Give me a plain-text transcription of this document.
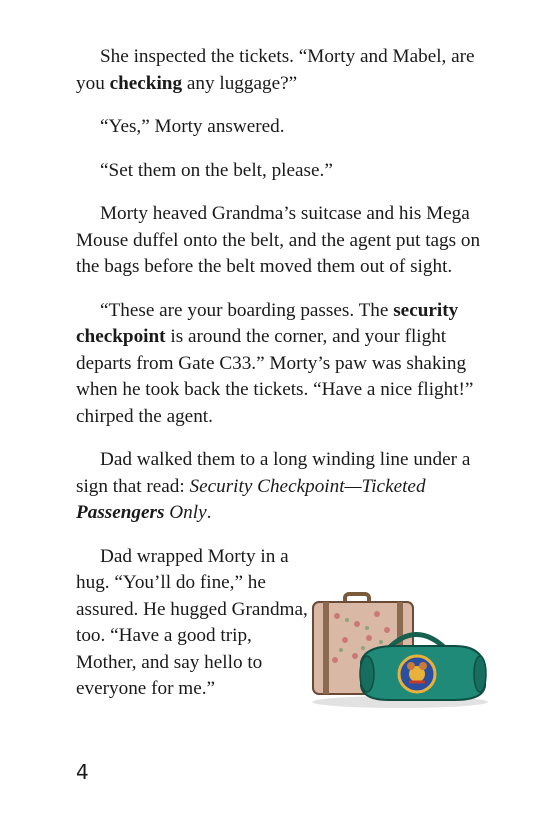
She inspected the tickets. “Morty and Mabel, are you checking any luggage?”

“Yes,” Morty answered.

“Set them on the belt, please.”

Morty heaved Grandma’s suitcase and his Mega Mouse duffel onto the belt, and the agent put tags on the bags before the belt moved them out of sight.

“These are your boarding passes. The security checkpoint is around the corner, and your flight departs from Gate C33.” Morty’s paw was shaking when he took back the tickets. “Have a nice flight!” chirped the agent.

Dad walked them to a long winding line under a sign that read: Security Checkpoint—Ticketed Passengers Only.

Dad wrapped Morty in a hug. “You’ll do fine,” he assured. He hugged Grandma, too. “Have a good trip, Mother, and say hello to everyone for me.”

4
